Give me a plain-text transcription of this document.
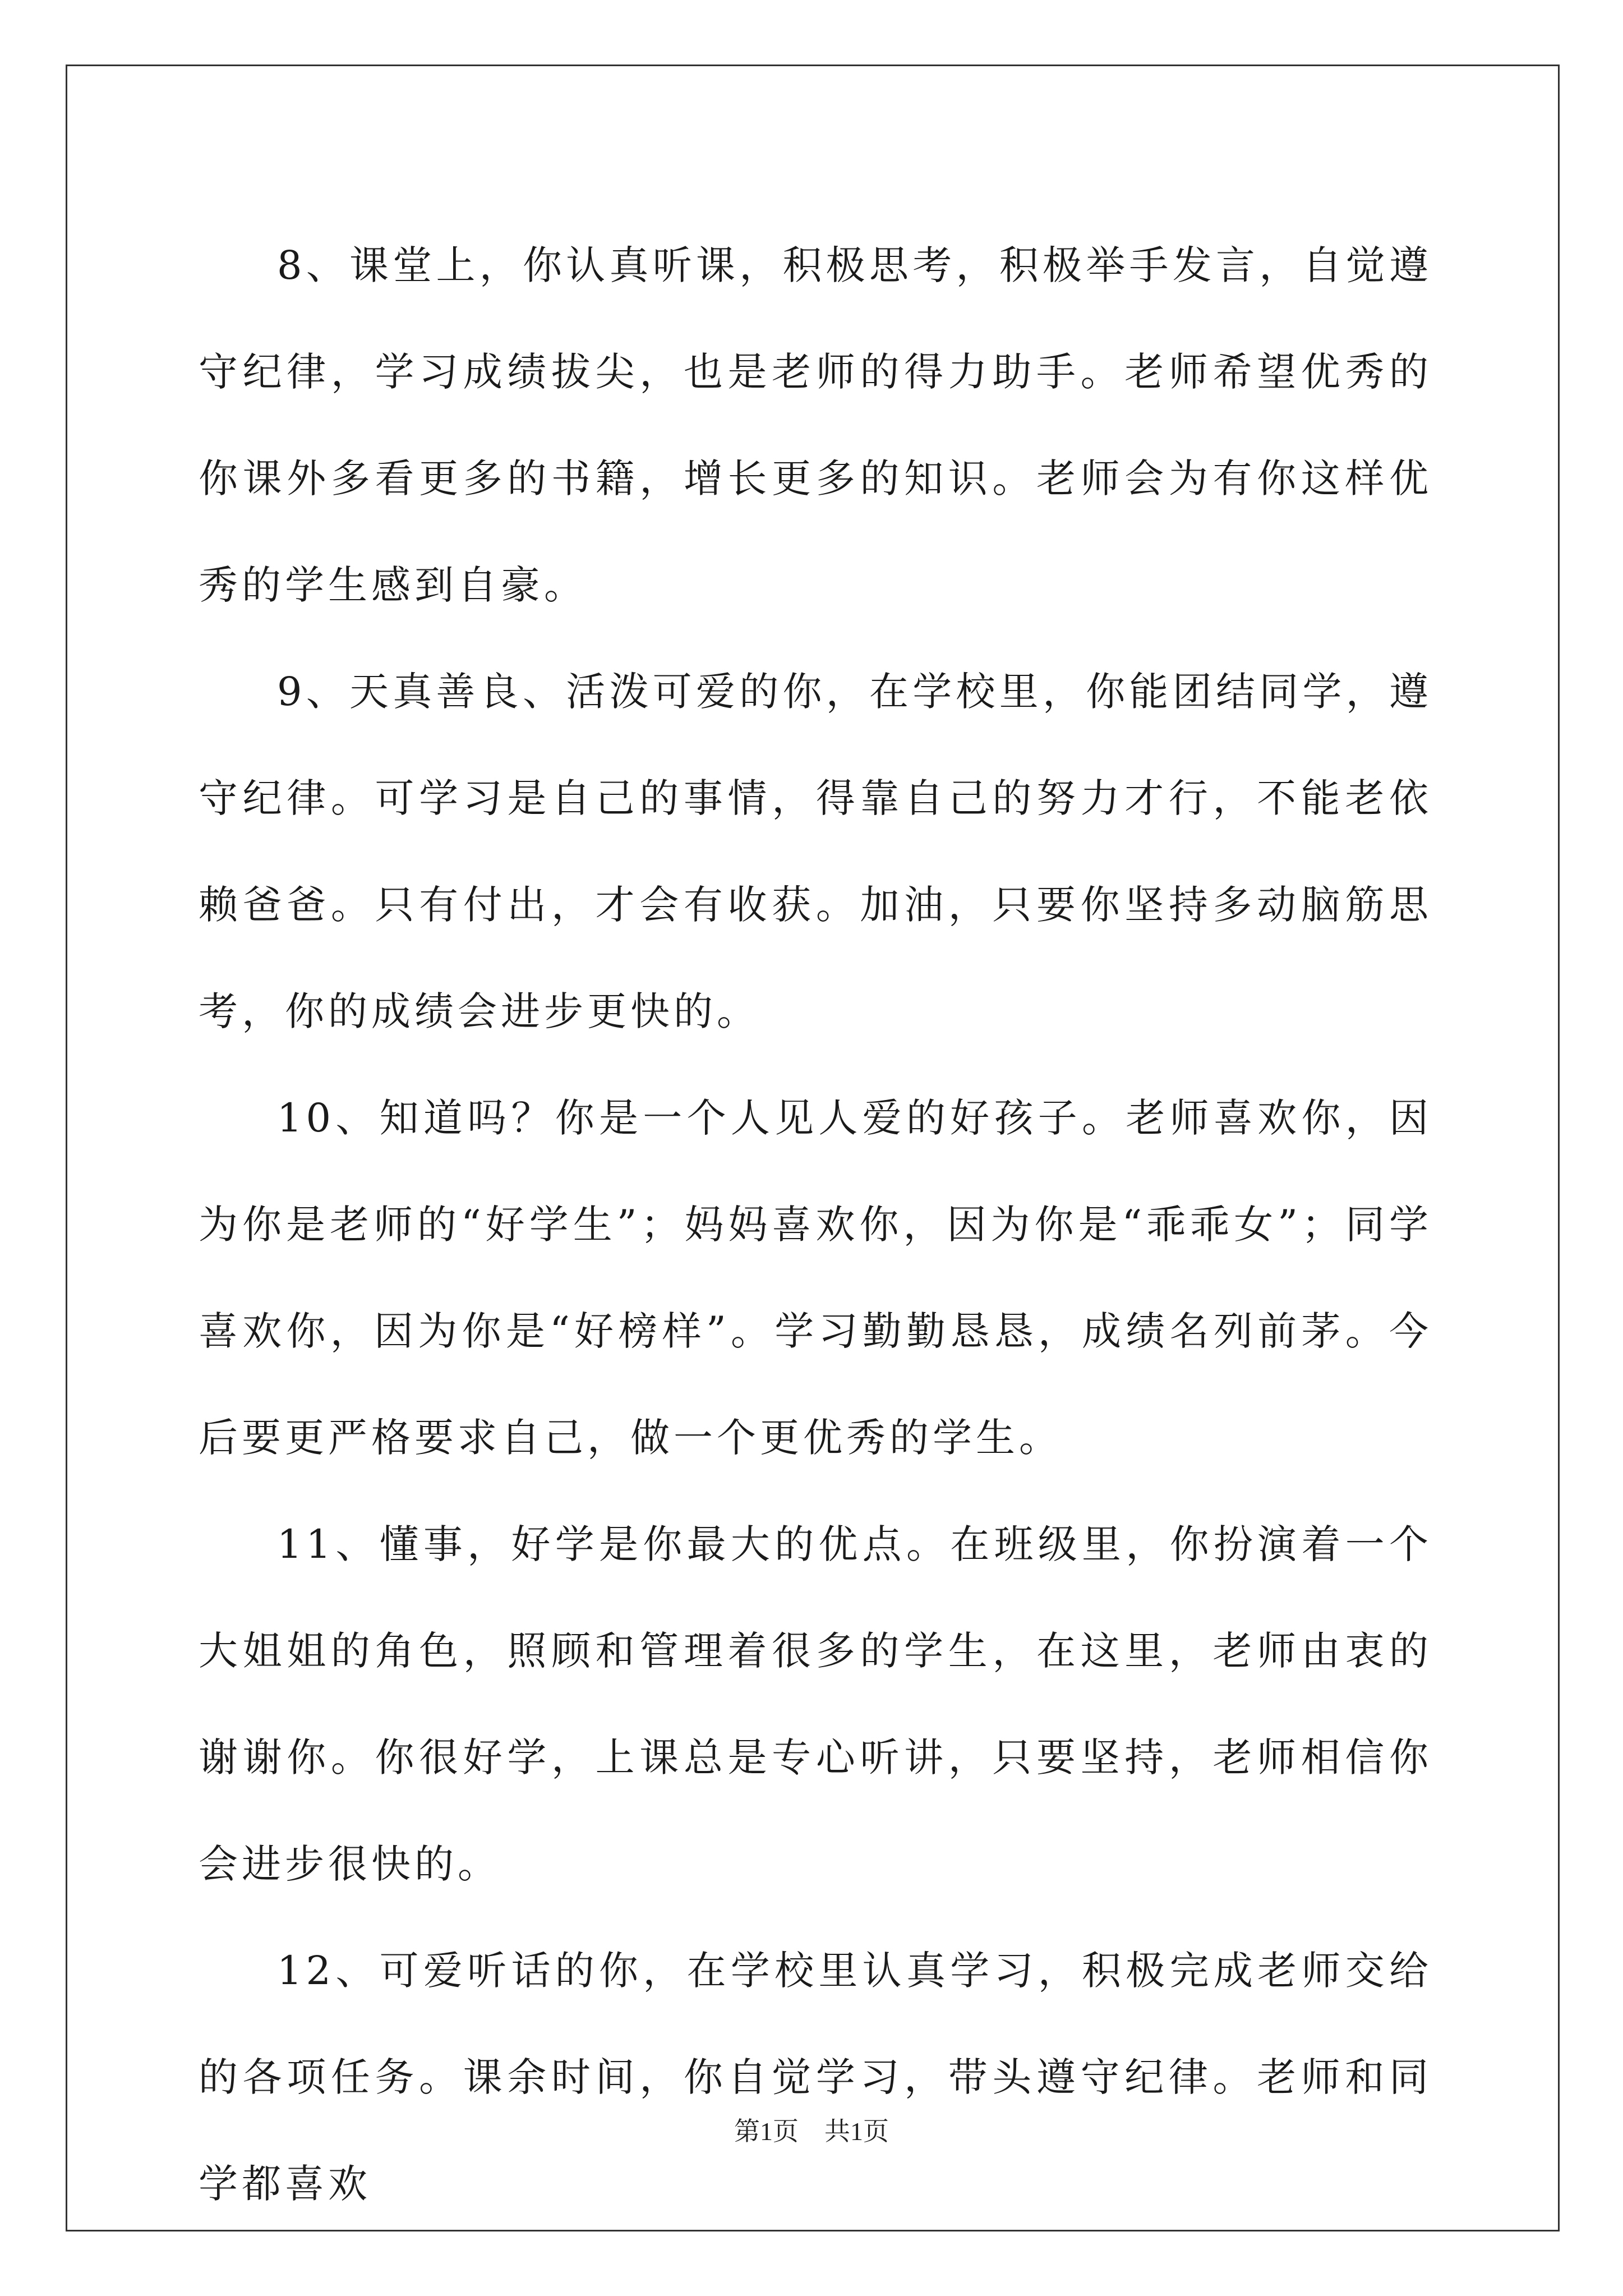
8、课堂上，你认真听课，积极思考，积极举手发言，自觉遵守纪律，学习成绩拔尖，也是老师的得力助手。老师希望优秀的你课外多看更多的书籍，增长更多的知识。老师会为有你这样优秀的学生感到自豪。

9、天真善良、活泼可爱的你，在学校里，你能团结同学，遵守纪律。可学习是自己的事情，得靠自己的努力才行，不能老依赖爸爸。只有付出，才会有收获。加油，只要你坚持多动脑筋思考，你的成绩会进步更快的。

10、知道吗？你是一个人见人爱的好孩子。老师喜欢你，因为你是老师的“好学生”；妈妈喜欢你，因为你是“乖乖女”；同学喜欢你，因为你是“好榜样”。学习勤勤恳恳，成绩名列前茅。今后要更严格要求自己，做一个更优秀的学生。

11、懂事，好学是你最大的优点。在班级里，你扮演着一个大姐姐的角色，照顾和管理着很多的学生，在这里，老师由衷的谢谢你。你很好学，上课总是专心听讲，只要坚持，老师相信你会进步很快的。

12、可爱听话的你，在学校里认真学习，积极完成老师交给的各项任务。课余时间，你自觉学习，带头遵守纪律。老师和同学都喜欢

第1页　共1页
